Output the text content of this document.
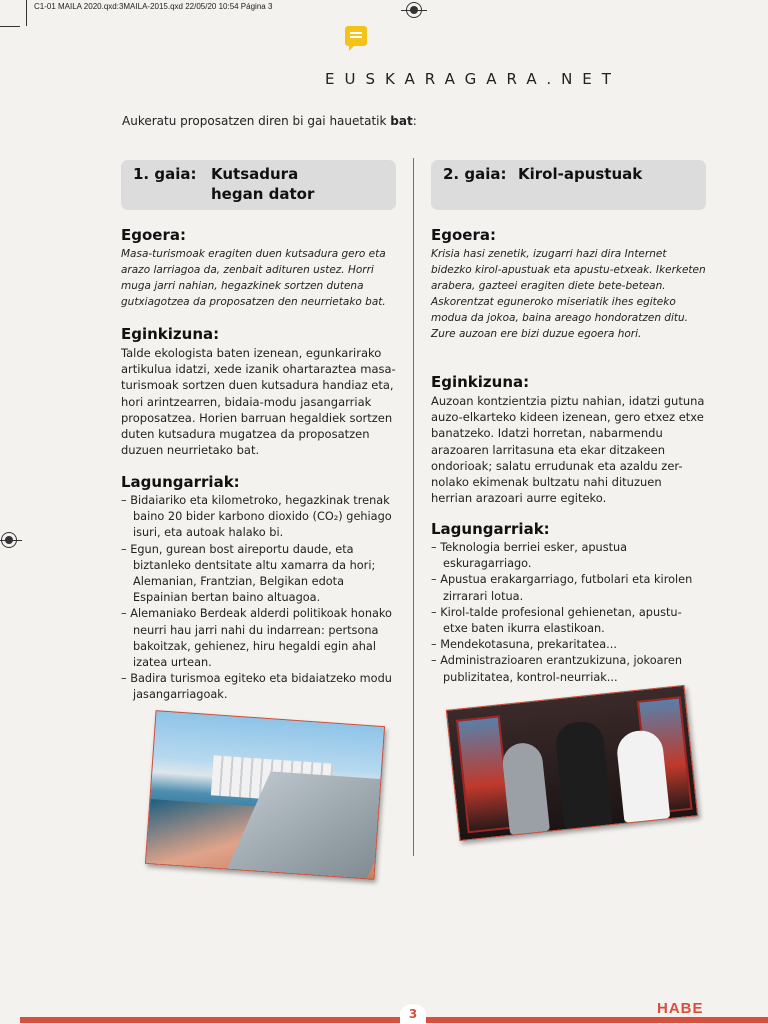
C1-01 MAILA 2020.qxd:3MAILA-2015.qxd 22/05/20 10:54 Página 3
EUSKARAGARA.NET
Aukeratu proposatzen diren bi gai hauetatik bat:
1. gaia: Kutsadura
hegan dator
Egoera:

Masa-turismoak eragiten duen kutsadura gero eta arazo larriagoa da, zenbait adituren ustez. Horri muga jarri nahian, hegazkinek sortzen dutena gutxiagotzea da proposatzen den neurrietako bat.

Eginkizuna:

Talde ekologista baten izenean, egunkarirako artikulua idatzi, xede izanik ohartaraztea masa-turismoak sortzen duen kutsadura handiaz eta, hori arintzearren, bidaia-modu jasangarriak proposatzea. Horien barruan hegaldiek sortzen duten kutsadura mugatzea da proposatzen duzuen neurrietako bat.

Lagungarriak:
– Bidaiariko eta kilometroko, hegazkinak trenak baino 20 bider karbono dioxido (CO₂) gehiago isuri, eta autoak halako bi.
– Egun, gurean bost aireportu daude, eta biztanleko dentsitate altu xamarra da hori; Alemanian, Frantzian, Belgikan edota Espainian bertan baino altuagoa.
– Alemaniako Berdeak alderdi politikoak honako neurri hau jarri nahi du indarrean: pertsona bakoitzak, gehienez, hiru hegaldi egin ahal izatea urtean.
– Badira turismoa egiteko eta bidaiatzeko modu jasangarriagoak.
2. gaia: Kirol-apustuak
Egoera:

Krisia hasi zenetik, izugarri hazi dira Internet bidezko kirol-apustuak eta apustu-etxeak. Ikerketen arabera, gazteei eragiten diete bete-betean. Askorentzat eguneroko miseriatik ihes egiteko modua da jokoa, baina areago hondoratzen ditu. Zure auzoan ere bizi duzue egoera hori.

Eginkizuna:

Auzoan kontzientzia piztu nahian, idatzi gutuna auzo-elkarteko kideen izenean, gero etxez etxe banatzeko. Idatzi horretan, nabarmendu arazoaren larritasuna eta ekar ditzakeen ondorioak; salatu errudunak eta azaldu zer-nolako ekimenak bultzatu nahi dituzuen herrian arazoari aurre egiteko.

Lagungarriak:
– Teknologia berriei esker, apustua eskuragarriago.
– Apustua erakargarriago, futbolari eta kirolen zirrarari lotua.
– Kirol-talde profesional gehienetan, apustu-etxe baten ikurra elastikoan.
– Mendekotasuna, prekaritatea...
– Administrazioaren erantzukizuna, jokoaren publizitatea, kontrol-neurriak...
3	HABE
